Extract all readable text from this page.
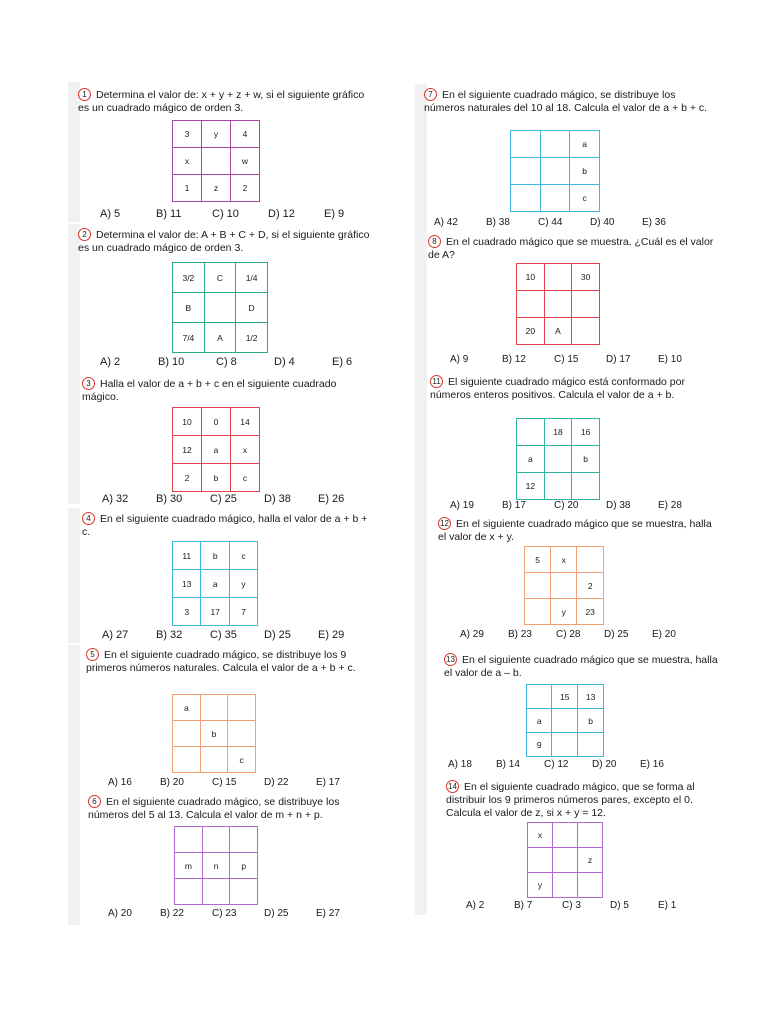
1 Determina el valor de: x + y + z + w, si el siguiente gráfico es un cuadrado mágico de orden 3.
3	y	4
x		w
1	z	2
A) 5	B) 11	C) 10	D) 12	E) 9
2 Determina el valor de: A + B + C + D, si el siguiente gráfico es un cuadrado mágico de orden 3.
3/2	C	1/4
B		D
7/4	A	1/2
A) 2	B) 10	C) 8	D) 4	E) 6
3 Halla el valor de a + b + c en el siguiente cuadrado mágico.
10	0	14
12	a	x
2	b	c
A) 32	B) 30	C) 25 D) 38 E) 26
4 En el siguiente cuadrado mágico, halla el valor de a + b + c.
11	b	c
13	a	y
3	17	7
A) 27	B) 32	C) 35 D) 25 E) 29
5 En el siguiente cuadrado mágico, se distribuye los 9 primeros números naturales. Calcula el valor de a + b + c.
a		
	b	
		c
A) 16	B) 20	C) 15	D) 22	E) 17
6 En el siguiente cuadrado mágico, se distribuye los números del 5 al 13. Calcula el valor de m + n + p.

m	n	p

A) 20	B) 22	C) 23	D) 25	E) 27
7 En el siguiente cuadrado mágico, se distribuye los números naturales del 10 al 18. Calcula el valor de a + b + c.
		a
		b
		c
A) 42	B) 38	C) 44	D) 40	E) 36
8 En el cuadrado mágico que se muestra. ¿Cuál es el valor de A?
10		30

20	A	
A) 9	B) 12	C) 15	D) 17	E) 10
11 El siguiente cuadrado mágico está conformado por números enteros positivos. Calcula el valor de a + b.
	18	16
a		b
12		
A) 19	B) 17	C) 20	D) 38	E) 28
12 En el siguiente cuadrado mágico que se muestra, halla el valor de x + y.
5	x	
		2
	y	23
A) 29 B) 23 C) 28 D) 25 E) 20
13 En el siguiente cuadrado mágico que se muestra, halla el valor de a – b.
	15	13
a		b
9		
A) 18 B) 14 C) 12 D) 20 E) 16
14 En el siguiente cuadrado mágico, que se forma al distribuir los 9 primeros números pares, excepto el 0. Calcula el valor de z, si x + y = 12.
x		
		z
y		
A) 2	B) 7	C) 3	D) 5	E) 1
